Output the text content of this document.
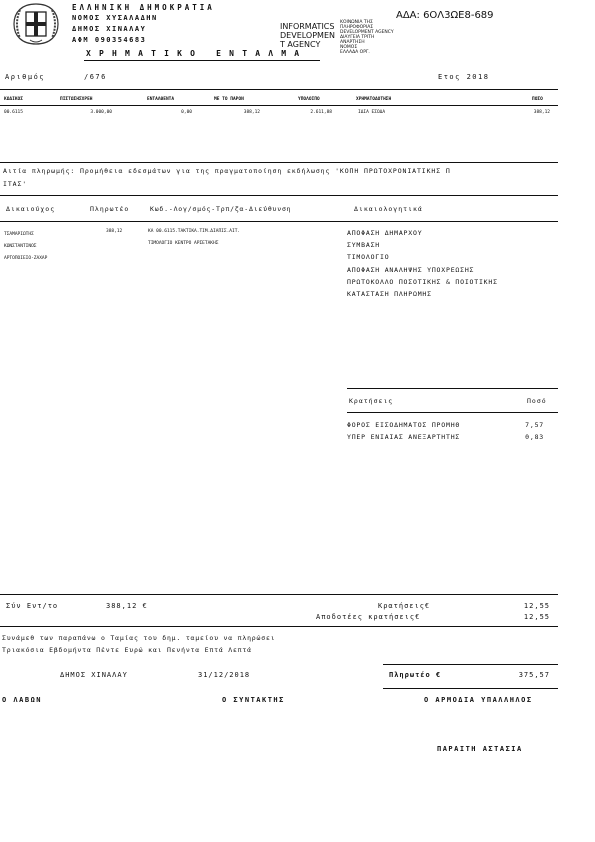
ΕΛΛΗΝΙΚΗ ΔΗΜΟΚΡΑΤΙΑ
ΝΟΜΟΣ ΧΥΣΑΛΑΔΗΝ
ΔΗΜΟΣ ΧΙΝΑΛΑΥ
ΑΦΜ 090354683
INFORMATICS
DEVELOPMEN
T AGENCY
ΚΟΙΝΩΝΙΑ ΤΗΣ
ΠΛΗΡΟΦΟΡΙΑΣ
DEVELOPMENT AGENCY
ΔΙΑΥΓΕΙΑ ΤΡΙΤΗ
ΑΝΑΡΤΗΣΗ
ΝΟΜΟΣ
ΕΛΛΑΔΑ ΟΡΓ.
ΑΔΑ: 6ΟΛ3ΩΕ8-689
ΧΡΗΜΑΤΙΚΟ ΕΝΤΑΛΜΑ
Αριθμός	/676	Ετος 2018
ΚΩΔΙΚΟΣ	ΠΙΣΤΩΣΗΣΧΡΕΗ	ΕΝΤΑΛΘΕΝΤΑ	ΜΕ ΤΟ ΠΑΡΟΝ	ΥΠΟΛΟΙΠΟ	ΧΡΗΜΑΤΟΔΟΤΗΣΗ	ΠΟΣΟ
00.6115	3.000,00	0,00	388,12	2.611,88	ΙΔΙΑ ΕΣΟΔΑ	388,12
Αιτία πληρωμής: Προμήθεια εδεσμάτων για της πραγματοποίηση εκδήλωσης 'ΚΟΠΗ ΠΡΩΤΟΧΡΟΝΙΑΤΙΚΗΣ Π
ΙΤΑΣ'
Δικαιούχος	Πληρωτέο	Κωδ.-Λογ/σμός-Τρπ/ζα-Διεύθυνση	Δικαιολογητικά
ΤΣΑΜΑΡΙΩΤΗΣ
ΚΩΝΣΤΑΝΤΙΝΟΣ
ΑΡΤΟΠΟΙΕΙΟ-ΖΑΧΑΡ
388,12	ΚΑ 00.6115.ΤΑΚΤΙΚΑ.ΤΙΜ.ΔΙΑΠΙΣ.ΑΙΤ.
ΤΙΜΟΛΟΓΙΟ ΚΕΝΤΡΟ ΑΡΣΕΤΑΚΗΣ
ΑΠΟΦΑΣΗ ΔΗΜΑΡΧΟΥ
ΣΥΜΒΑΣΗ
ΤΙΜΟΛΟΓΙΟ
ΑΠΟΦΑΣΗ ΑΝΑΛΗΨΗΣ ΥΠΟΧΡΕΩΣΗΣ
ΠΡΩΤΟΚΟΛΛΟ ΠΟΣΟΤΙΚΗΣ & ΠΟΙΟΤΙΚΗΣ
ΚΑΤΑΣΤΑΣΗ ΠΛΗΡΩΜΗΣ
Κρατήσεις	Ποσό
ΦΟΡΟΣ ΕΙΣΟΔΗΜΑΤΟΣ ΠΡΟΜΗΘ	7,57
ΥΠΕΡ ΕΝΙΑΙΑΣ ΑΝΕΞΑΡΤΗΤΗΣ	0,83
Σύν Εντ/το	388,12 €	Κρατήσεις€	12,55
Αποδοτέες κρατήσεις€	12,55
Συνάμεθ των παραπάνω ο Ταμίας του δημ. ταμείου να πληρώσει
Τριακόσια Εβδομήντα Πέντε Ευρώ και Πενήντα Επτά Λεπτά
ΔΗΜΟΣ ΧΙΝΑΛΑΥ	31/12/2018	Πληρωτέο €	375,57
Ο ΛΑΒΩΝ	Ο ΣΥΝΤΑΚΤΗΣ	Ο ΑΡΜΟΔΙΑ ΥΠΑΛΛΗΛΟΣ
ΠΑΡΑΙΤΗ ΑΣΤΑΣΙΑ
